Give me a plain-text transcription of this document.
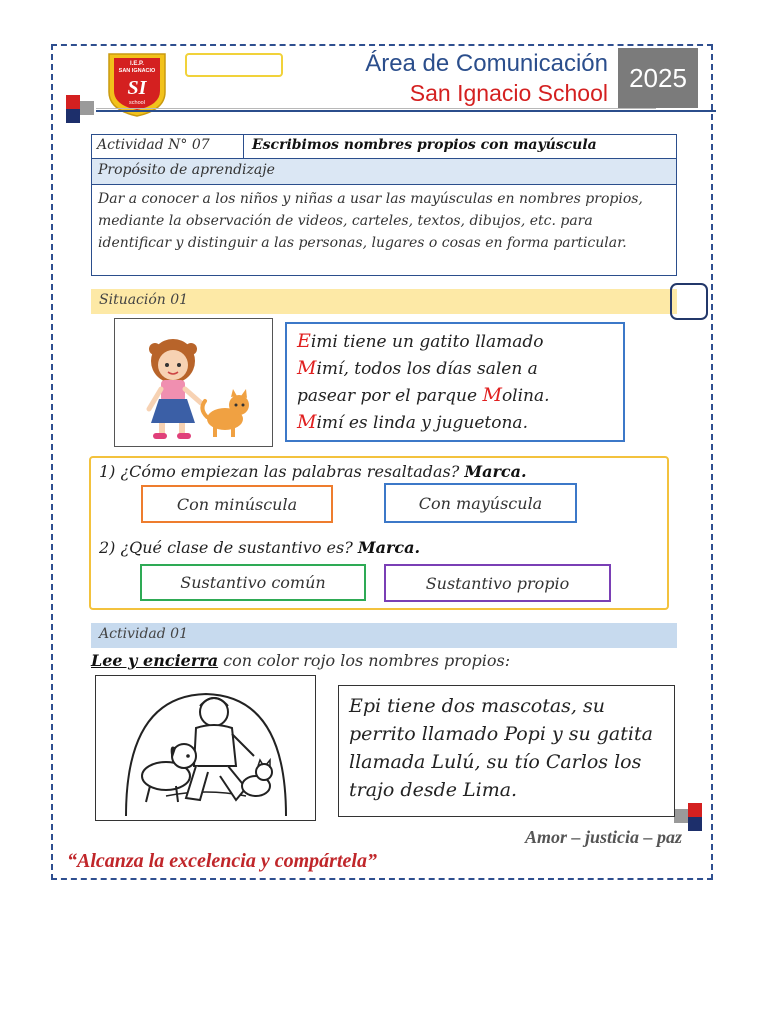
I.E.P.
SAN IGNACIO
SI
school
Área de Comunicación
San Ignacio School
2025
Actividad N° 07	Escribimos nombres propios con mayúscula
Propósito de aprendizaje
Dar a conocer a los niños y niñas a usar las mayúsculas en nombres propios, mediante la observación de videos, carteles, textos, dibujos, etc. para identificar y distinguir a las personas, lugares o cosas en forma particular.
Situación 01
Eimi tiene un gatito llamado
Mimí, todos los días salen a
pasear por el parque Molina.
Mimí es linda y juguetona.
1) ¿Cómo empiezan las palabras resaltadas? Marca.
Con minúscula	Con mayúscula
2) ¿Qué clase de sustantivo es? Marca.
Sustantivo común	Sustantivo propio
Actividad 01
Lee y encierra con color rojo los nombres propios:
Epi tiene dos mascotas, su perrito llamado Popi y su gatita llamada Lulú, su tío Carlos los trajo desde Lima.
Amor – justicia – paz
“Alcanza la excelencia y compártela”
